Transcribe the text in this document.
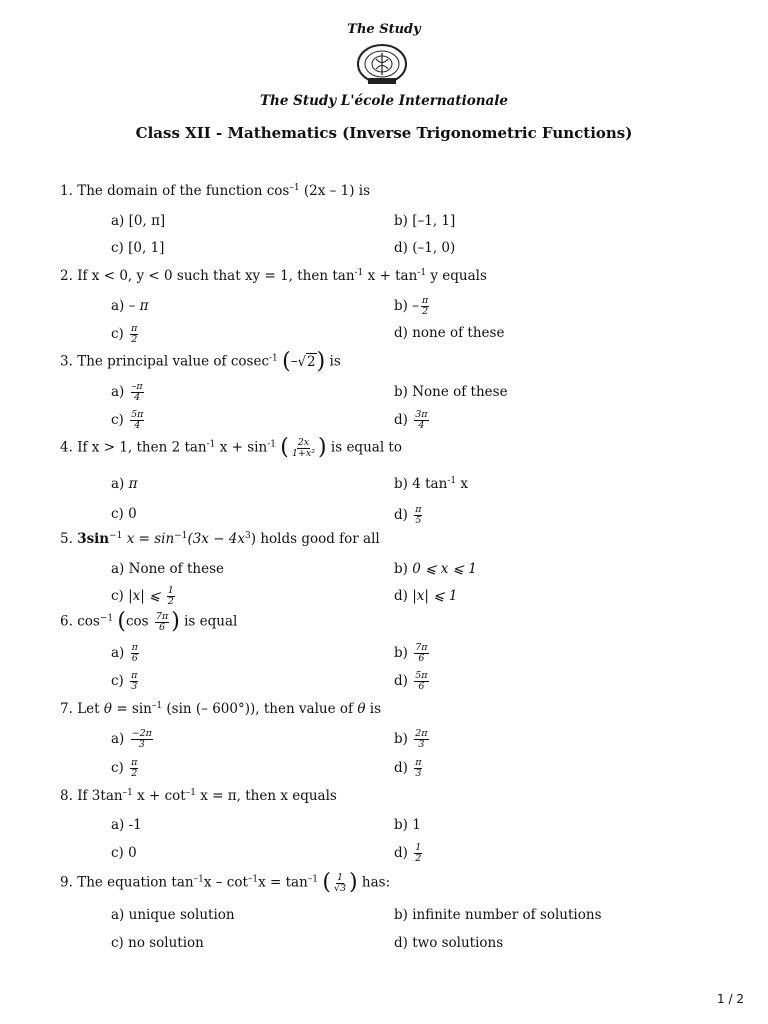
The Study
The Study L'école Internationale
Class XII - Mathematics (Inverse Trigonometric Functions)
1. The domain of the function $\cos^{-1} (2x - 1)$ is
a) [0, π]	b) [–1, 1]
c) [0, 1]	d) (–1, 0)
2. If x < 0, y < 0 such that xy = 1, then $\tan^{-1} x + \tan^{-1} y$ equals
a) – π	$b) - \frac{\pi}{2}$
$c) \frac{\pi}{2}$	d) none of these
3. The principal value of cosec$^{-1}$ (–√2) is
$a) \frac{-\pi}{4}$	b) None of these
$c) \frac{5\pi}{4}$	$d) \frac{3\pi}{4}$
4. If x > 1, then 2 $\tan^{-1} x + \sin^{-1}$ ( $\frac{2x}{\text{1+x²}}$ ) is equal to
a) π	b) 4 $\tan^{-1} x$
c) 0	$d) \frac{\pi}{5}$
5. $3\sin^{-1}$ $x = \sin^{-1}(3x - 4x^3)$ holds good for all
a) None of these	b) 0 ⩽ x ⩽ 1
c) |x| ⩽ $\frac{1}{2}$	d) |x| ⩽ 1
6. $\cos^{-1} (\cos \frac{7\pi}{6}$ ) is equal
$a) \frac{\pi}{6}$	$b) \frac{7\pi}{6}$
$c) \frac{\pi}{3}$	$d) \frac{5\pi}{6}$
7. Let $\theta = \sin^{-1} (\sin$ (– 600°)), then value of θ is
$a) \frac{-2\pi}{3}$	$b) \frac{2\pi}{3}$
$c) \frac{\pi}{2}$	$d) \frac{\pi}{3}$
8. If $3\tan^{-1}$ $x + \cot^{-1} x = \pi$, then x equals
a) -1	b) 1
c) 0	$d) \frac{1}{2}$
9. The equation $\tan^{-1}x - \cot^{-1}x = \tan^{-1}$ ( $\frac{1}{√3}$ ) has:
a) unique solution	b) infinite number of solutions
c) no solution	d) two solutions
1 / 2
